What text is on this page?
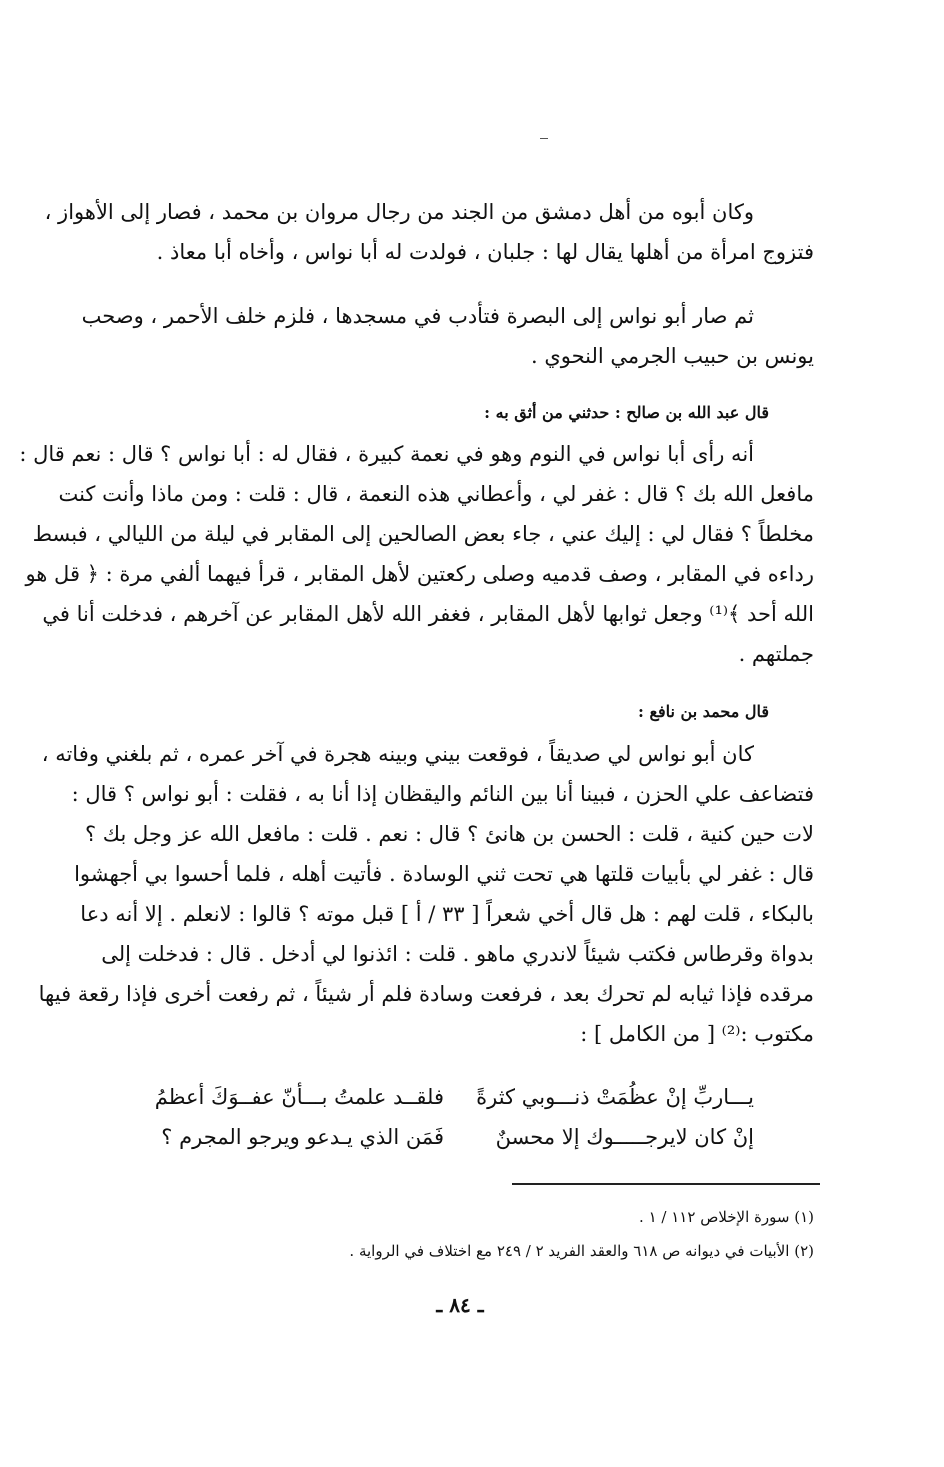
وكان أبوه من أهل دمشق من الجند من رجال مروان بن محمد ، فصار إلى الأهواز ،
فتزوج امرأة من أهلها يقال لها : جلبان ، فولدت له أبا نواس ، وأخاه أبا معاذ .
ثم صار أبو نواس إلى البصرة فتأدب في مسجدها ، فلزم خلف الأحمر ، وصحب
يونس بن حبيب الجرمي النحوي .
قال عبد الله بن صالح : حدثني من أثق به :
أنه رأى أبا نواس في النوم وهو في نعمة كبيرة ، فقال له : أبا نواس ؟ قال : نعم قال :
مافعل الله بك ؟ قال : غفر لي ، وأعطاني هذه النعمة ، قال : قلت : ومن ماذا وأنت كنت
مخلطاً ؟ فقال لي : إليك عني ، جاء بعض الصالحين إلى المقابر في ليلة من الليالي ، فبسط
رداءه في المقابر ، وصف قدميه وصلى ركعتين لأهل المقابر ، قرأ فيهما ألفي مرة : ﴿ قل هو
الله أحد ﴾⁽¹⁾ وجعل ثوابها لأهل المقابر ، فغفر الله لأهل المقابر عن آخرهم ، فدخلت أنا في
جملتهم .
قال محمد بن نافع :
كان أبو نواس لي صديقاً ، فوقعت بيني وبينه هجرة في آخر عمره ، ثم بلغني وفاته ،
فتضاعف علي الحزن ، فبينا أنا بين النائم واليقظان إذا أنا به ، فقلت : أبو نواس ؟ قال :
لات حين كنية ، قلت : الحسن بن هانئ ؟ قال : نعم . قلت : مافعل الله عز وجل بك ؟
قال : غفر لي بأبيات قلتها هي تحت ثني الوسادة . فأتيت أهله ، فلما أحسوا بي أجهشوا
بالبكاء ، قلت لهم : هل قال أخي شعراً [ ٣٣ / أ ] قبل موته ؟ قالوا : لانعلم . إلا أنه دعا
بدواة وقرطاس فكتب شيئاً لاندري ماهو . قلت : ائذنوا لي أدخل . قال : فدخلت إلى
مرقده فإذا ثيابه لم تحرك بعد ، فرفعت وسادة فلم أر شيئاً ، ثم رفعت أخرى فإذا رقعة فيها
مكتوب :⁽²⁾ [ من الكامل ] :
يـــاربِّ إنْ عظُمَتْ ذنـــوبي كثرةً
فلقــد علمتُ بـــأنّ عفــوَكَ أعظمُ
إنْ كان لايرجـــــوك إلا محسنٌ
فَمَن الذي يـدعو ويرجو المجرم ؟
(١) سورة الإخلاص ١١٢ / ١ .
(٢) الأبيات في ديوانه ص ٦١٨ والعقد الفريد ٢ / ٢٤٩ مع اختلاف في الرواية .
ـ ٨٤ ـ
